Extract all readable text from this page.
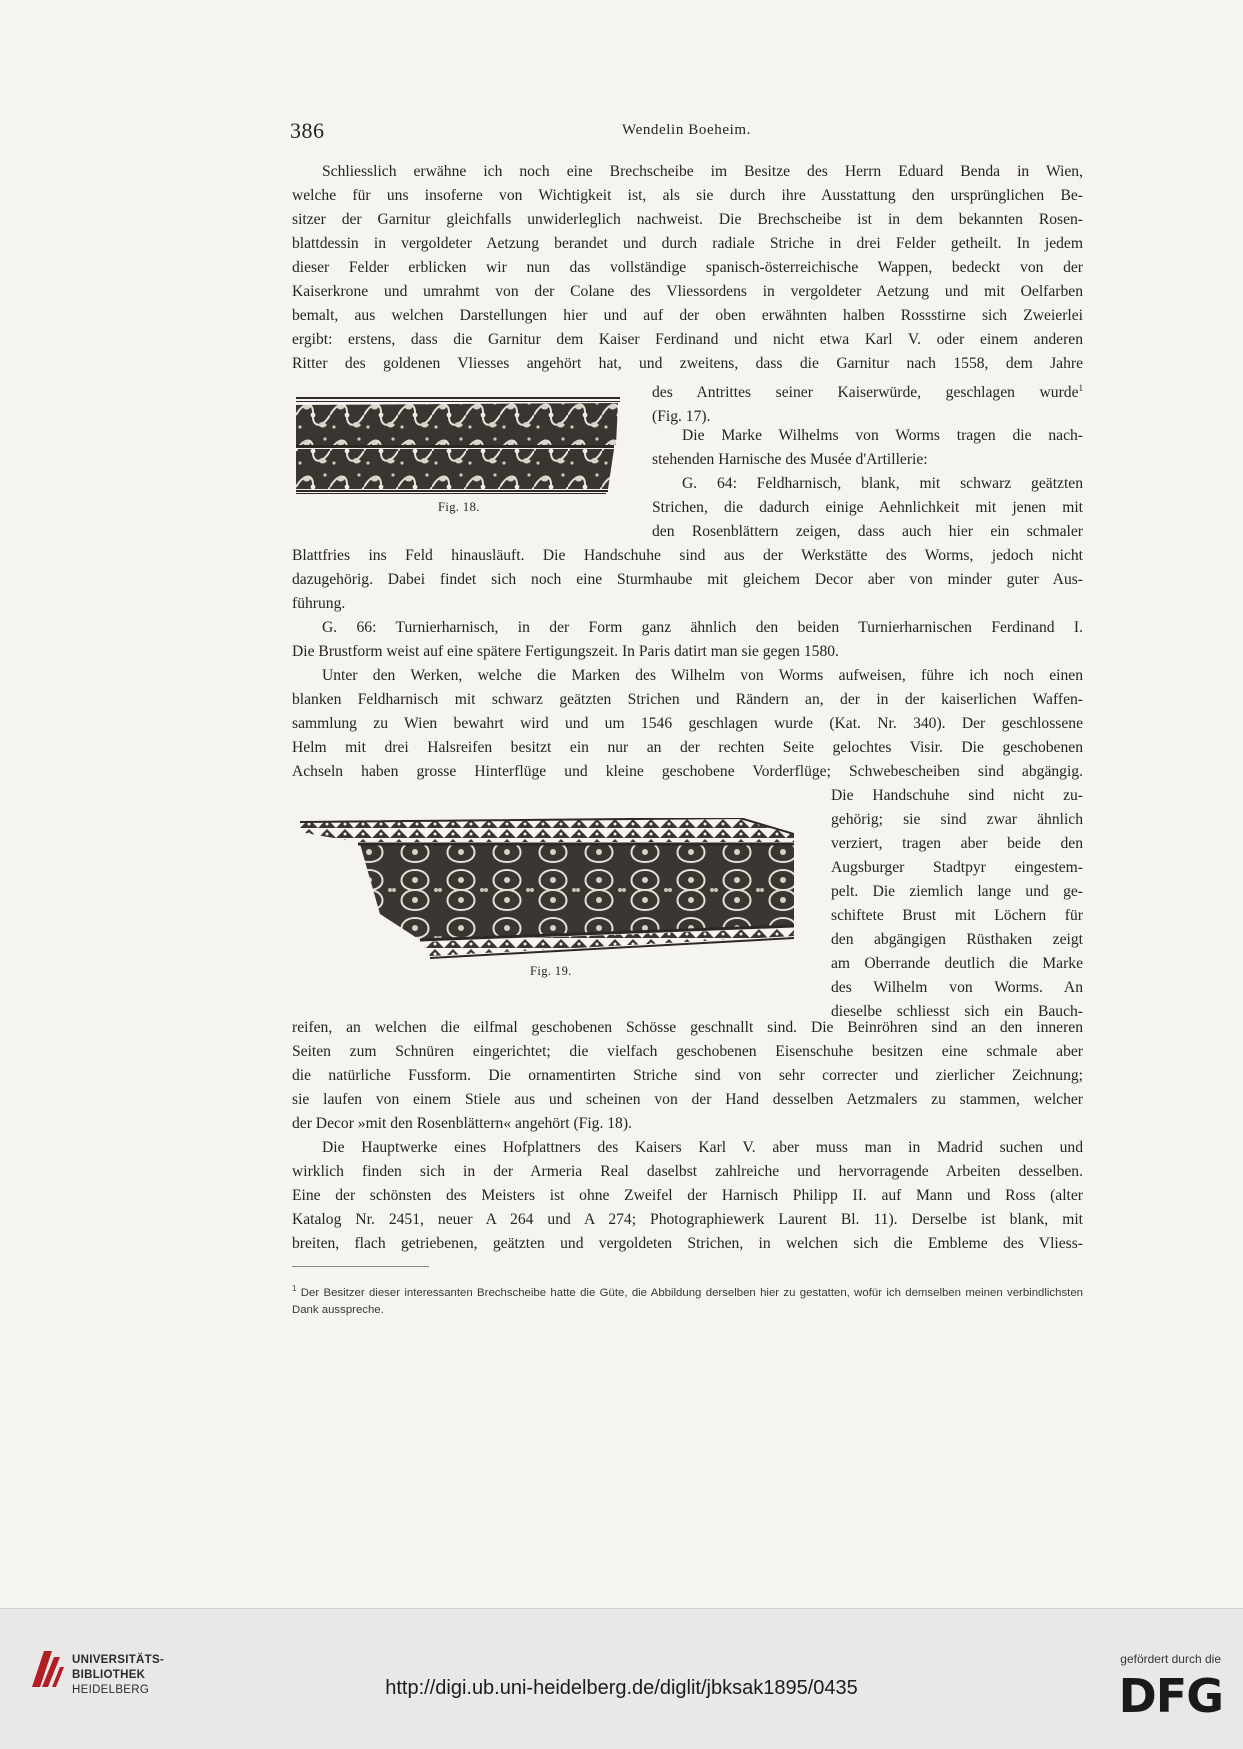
386	Wendelin Boeheim.
Schliesslich erwähne ich noch eine Brechscheibe im Besitze des Herrn Eduard Benda in Wien,
welche für uns insoferne von Wichtigkeit ist, als sie durch ihre Ausstattung den ursprünglichen Be-
sitzer der Garnitur gleichfalls unwiderleglich nachweist. Die Brechscheibe ist in dem bekannten Rosen-
blattdessin in vergoldeter Aetzung berandet und durch radiale Striche in drei Felder getheilt. In jedem
dieser Felder erblicken wir nun das vollständige spanisch-österreichische Wappen, bedeckt von der
Kaiserkrone und umrahmt von der Colane des Vliessordens in vergoldeter Aetzung und mit Oelfarben
bemalt, aus welchen Darstellungen hier und auf der oben erwähnten halben Rossstirne sich Zweierlei
ergibt: erstens, dass die Garnitur dem Kaiser Ferdinand und nicht etwa Karl V. oder einem anderen
Ritter des goldenen Vliesses angehört hat, und zweitens, dass die Garnitur nach 1558, dem Jahre
des Antrittes seiner Kaiserwürde, geschlagen wurde$^1$
(Fig. 17).
Die Marke Wilhelms von Worms tragen die nach-
stehenden Harnische des Musée d'Artillerie:
G. 64: Feldharnisch, blank, mit schwarz geätzten
Strichen, die dadurch einige Aehnlichkeit mit jenen mit
den Rosenblättern zeigen, dass auch hier ein schmaler
Fig. 18.
Blattfries ins Feld hinausläuft. Die Handschuhe sind aus der Werkstätte des Worms, jedoch nicht
dazugehörig. Dabei findet sich noch eine Sturmhaube mit gleichem Decor aber von minder guter Aus-
führung.
G. 66: Turnierharnisch, in der Form ganz ähnlich den beiden Turnierharnischen Ferdinand I.
Die Brustform weist auf eine spätere Fertigungszeit. In Paris datirt man sie gegen 1580.
Unter den Werken, welche die Marken des Wilhelm von Worms aufweisen, führe ich noch einen
blanken Feldharnisch mit schwarz geätzten Strichen und Rändern an, der in der kaiserlichen Waffen-
sammlung zu Wien bewahrt wird und um 1546 geschlagen wurde (Kat. Nr. 340). Der geschlossene
Helm mit drei Halsreifen besitzt ein nur an der rechten Seite gelochtes Visir. Die geschobenen
Achseln haben grosse Hinterflüge und kleine geschobene Vorderflüge; Schwebescheiben sind abgängig.
Die Handschuhe sind nicht zu-
gehörig; sie sind zwar ähnlich
verziert, tragen aber beide den
Augsburger Stadtpyr eingestem-
pelt. Die ziemlich lange und ge-
schiftete Brust mit Löchern für
den abgängigen Rüsthaken zeigt
am Oberrande deutlich die Marke
des Wilhelm von Worms. An
dieselbe schliesst sich ein Bauch-
Fig. 19.
reifen, an welchen die eilfmal geschobenen Schösse geschnallt sind. Die Beinröhren sind an den inneren
Seiten zum Schnüren eingerichtet; die vielfach geschobenen Eisenschuhe besitzen eine schmale aber
die natürliche Fussform. Die ornamentirten Striche sind von sehr correcter und zierlicher Zeichnung;
sie laufen von einem Stiele aus und scheinen von der Hand desselben Aetzmalers zu stammen, welcher
der Decor »mit den Rosenblättern« angehört (Fig. 18).
Die Hauptwerke eines Hofplattners des Kaisers Karl V. aber muss man in Madrid suchen und
wirklich finden sich in der Armeria Real daselbst zahlreiche und hervorragende Arbeiten desselben.
Eine der schönsten des Meisters ist ohne Zweifel der Harnisch Philipp II. auf Mann und Ross (alter
Katalog Nr. 2451, neuer A 264 und A 274; Photographiewerk Laurent Bl. 11). Derselbe ist blank, mit
breiten, flach getriebenen, geätzten und vergoldeten Strichen, in welchen sich die Embleme des Vliess-
$^1$ Der Besitzer dieser interessanten Brechscheibe hatte die Güte, die Abbildung derselben hier zu gestatten, wofür ich demselben meinen verbindlichsten Dank ausspreche.
UNIVERSITÄTS-
BIBLIOTHEK
HEIDELBERG	http://digi.ub.uni-heidelberg.de/diglit/jbksak1895/0435
gefördert durch die
DFG
